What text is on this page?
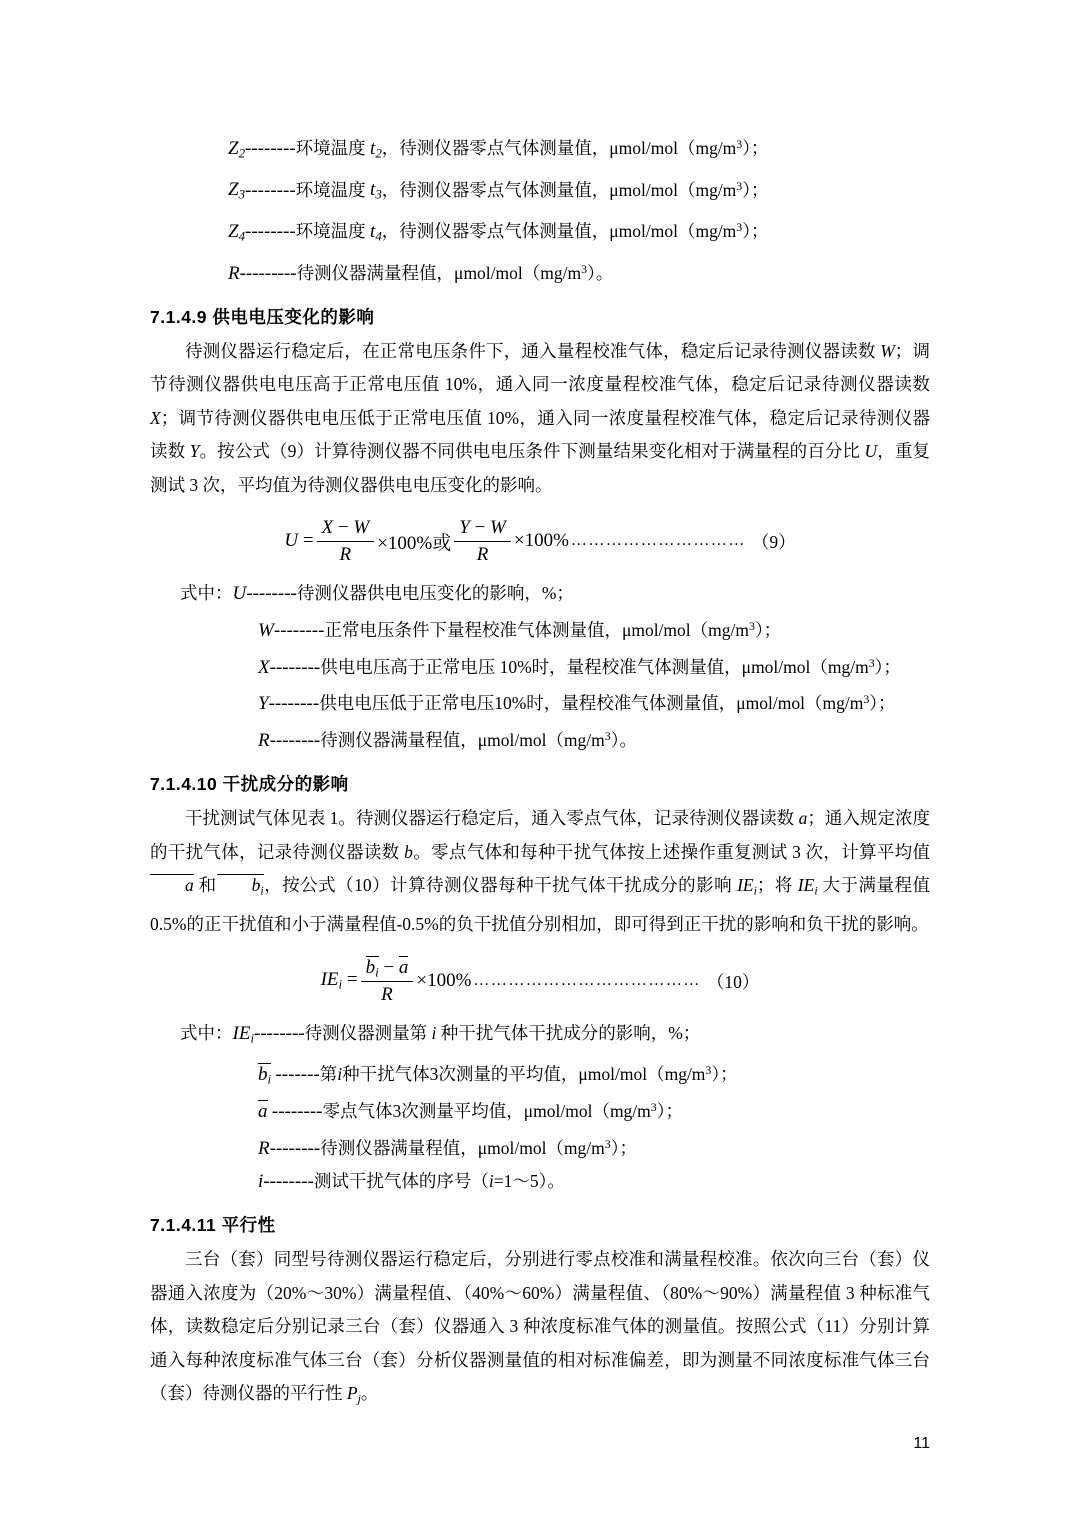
$Z_2--------$环境温度 $t_2$，待测仪器零点气体测量值，μmol/$mol(mg/m^3)$；
$Z_3--------$环境温度 $t_3$，待测仪器零点气体测量值，μmol/$mol(mg/m^3)$；
$Z_4--------$环境温度 $t_4$，待测仪器零点气体测量值，μmol/$mol(mg/m^3)$；
R---------待测仪器满量程值，μmol/$mol(mg/m^3)$。
7.1.4.9 供电电压变化的影响

待测仪器运行稳定后，在正常电压条件下，通入量程校准气体，稳定后记录待测仪器读数 W；调节待测仪器供电电压高于正常电压值 10%，通入同一浓度量程校准气体，稳定后记录待测仪器读数 X；调节待测仪器供电电压低于正常电压值 10%，通入同一浓度量程校准气体，稳定后记录待测仪器读数 Y。按公式（9）计算待测仪器不同供电电压条件下测量结果变化相对于满量程的百分比 U，重复测试 3 次，平均值为待测仪器供电电压变化的影响。

$U = \frac{X - W}{R} \times 100\%$或 $\frac{Y - W}{R} \times 100\%$ ………………………… （9）
式中：U--------待测仪器供电电压变化的影响，%；
W--------正常电压条件下量程校准气体测量值，μmol/$mol(mg/m^3)$；
X--------供电电压高于正常电压 10%时，量程校准气体测量值，μmol/$mol(mg/m^3)$；
Y--------供电电压低于正常电压10%时，量程校准气体测量值，μmol/$mol(mg/m^3)$；
R--------待测仪器满量程值，μmol/$mol(mg/m^3)$。
7.1.4.10 干扰成分的影响

干扰测试气体见表 1。待测仪器运行稳定后，通入零点气体，记录待测仪器读数 a；通入规定浓度的干扰气体，记录待测仪器读数 b。零点气体和每种干扰气体按上述操作重复测试 3 次，计算平均值a 和 $b_i$，按公式（10）计算待测仪器每种干扰气体干扰成分的影响 $IE_i$；将 $IE_i$ 大于满量程值 0.5%的正干扰值和小于满量程值-0.5%的负干扰值分别相加，即可得到正干扰的影响和负干扰的影响。

$IE_i = \frac{b_i - a}{R} \times 100\%$ ………………………………… （10）
式中：$IE_i--------$待测仪器测量第 i 种干扰气体干扰成分的影响，%；
$b_i$ -------第i种干扰气体3次测量的平均值，μmol/$mol(mg/m^3)$；
a --------零点气体3次测量平均值，μmol/$mol(mg/m^3)$；
R--------待测仪器满量程值，μmol/$mol(mg/m^3)$；
i--------测试干扰气体的序号（i=1～5）。
7.1.4.11 平行性

三台（套）同型号待测仪器运行稳定后，分别进行零点校准和满量程校准。依次向三台（套）仪器通入浓度为（20%～30%）满量程值、（40%～60%）满量程值、（80%～90%）满量程值 3 种标准气体，读数稳定后分别记录三台（套）仪器通入 3 种浓度标准气体的测量值。按照公式（11）分别计算通入每种浓度标准气体三台（套）分析仪器测量值的相对标准偏差，即为测量不同浓度标准气体三台（套）待测仪器的平行性 $P_j$。

11
